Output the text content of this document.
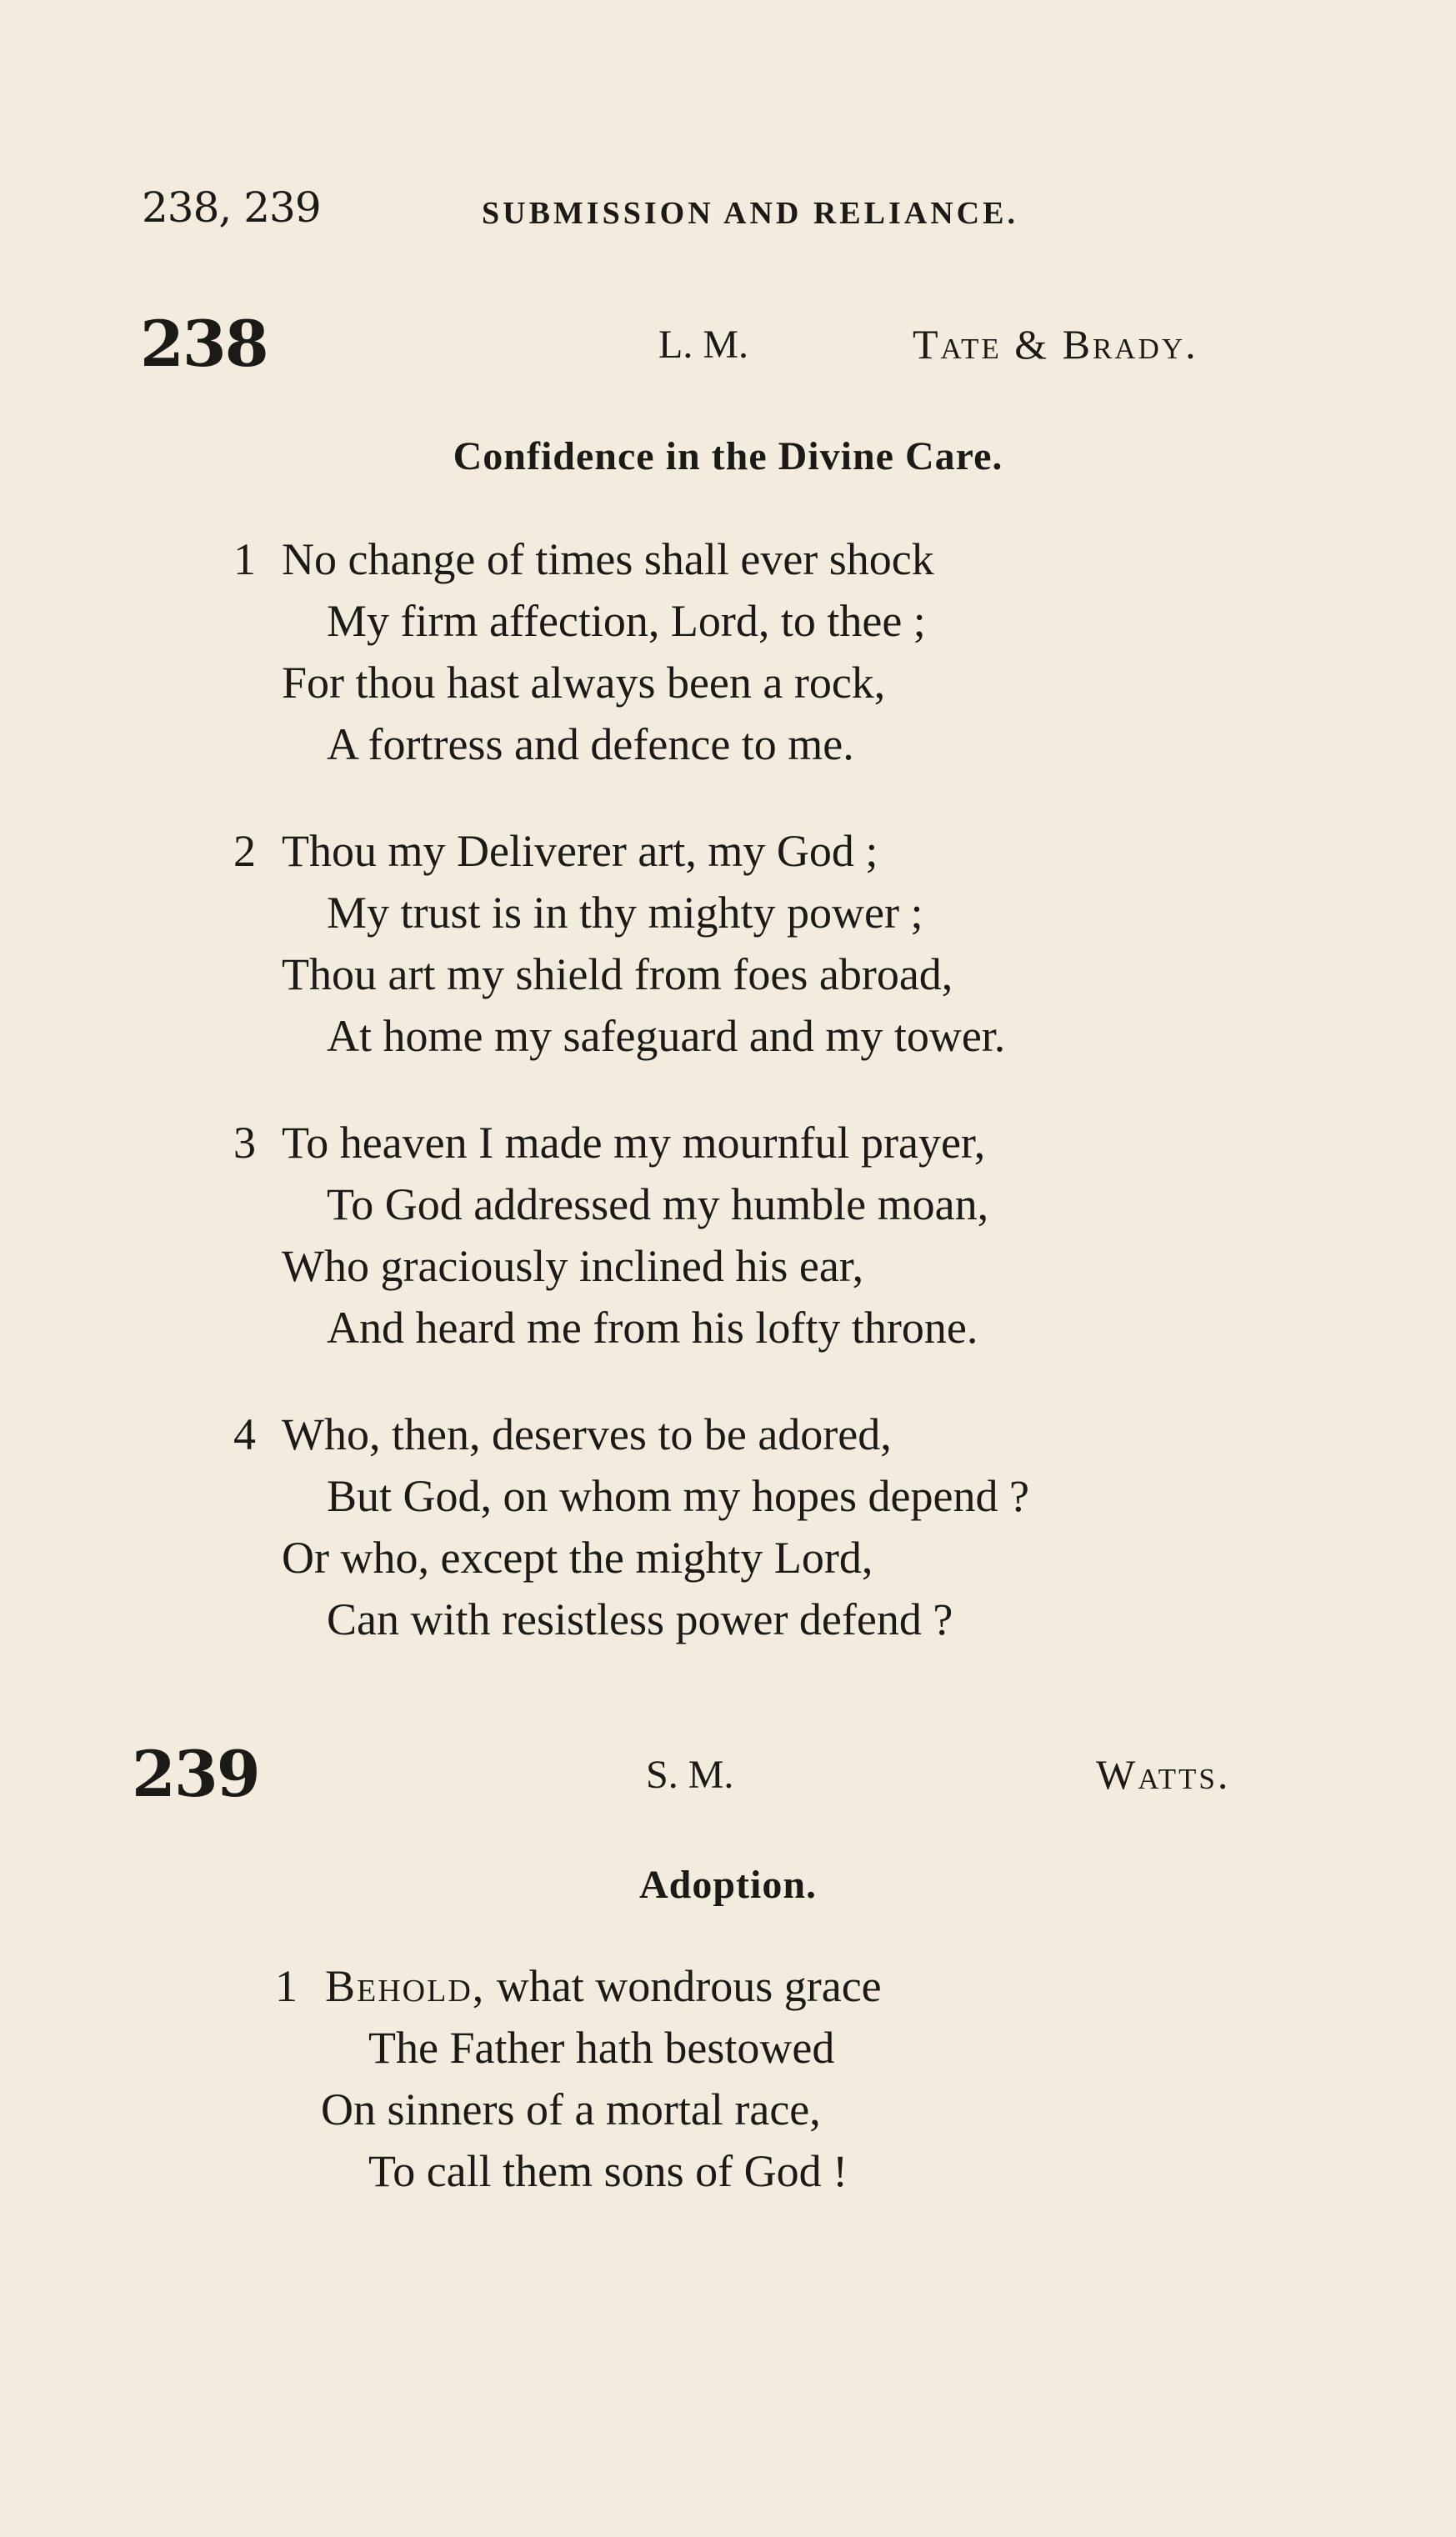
238, 239	SUBMISSION AND RELIANCE.
238	L. M.	Tate & Brady.
Confidence in the Divine Care.
1 No change of times shall ever shock
My firm affection, Lord, to thee ;
For thou hast always been a rock,
A fortress and defence to me.
2 Thou my Deliverer art, my God ;
My trust is in thy mighty power ;
Thou art my shield from foes abroad,
At home my safeguard and my tower.
3 To heaven I made my mournful prayer,
To God addressed my humble moan,
Who graciously inclined his ear,
And heard me from his lofty throne.
4 Who, then, deserves to be adored,
But God, on whom my hopes depend ?
Or who, except the mighty Lord,
Can with resistless power defend ?
239	S. M.	Watts.
Adoption.
1 Behold, what wondrous grace
The Father hath bestowed
On sinners of a mortal race,
To call them sons of God !
